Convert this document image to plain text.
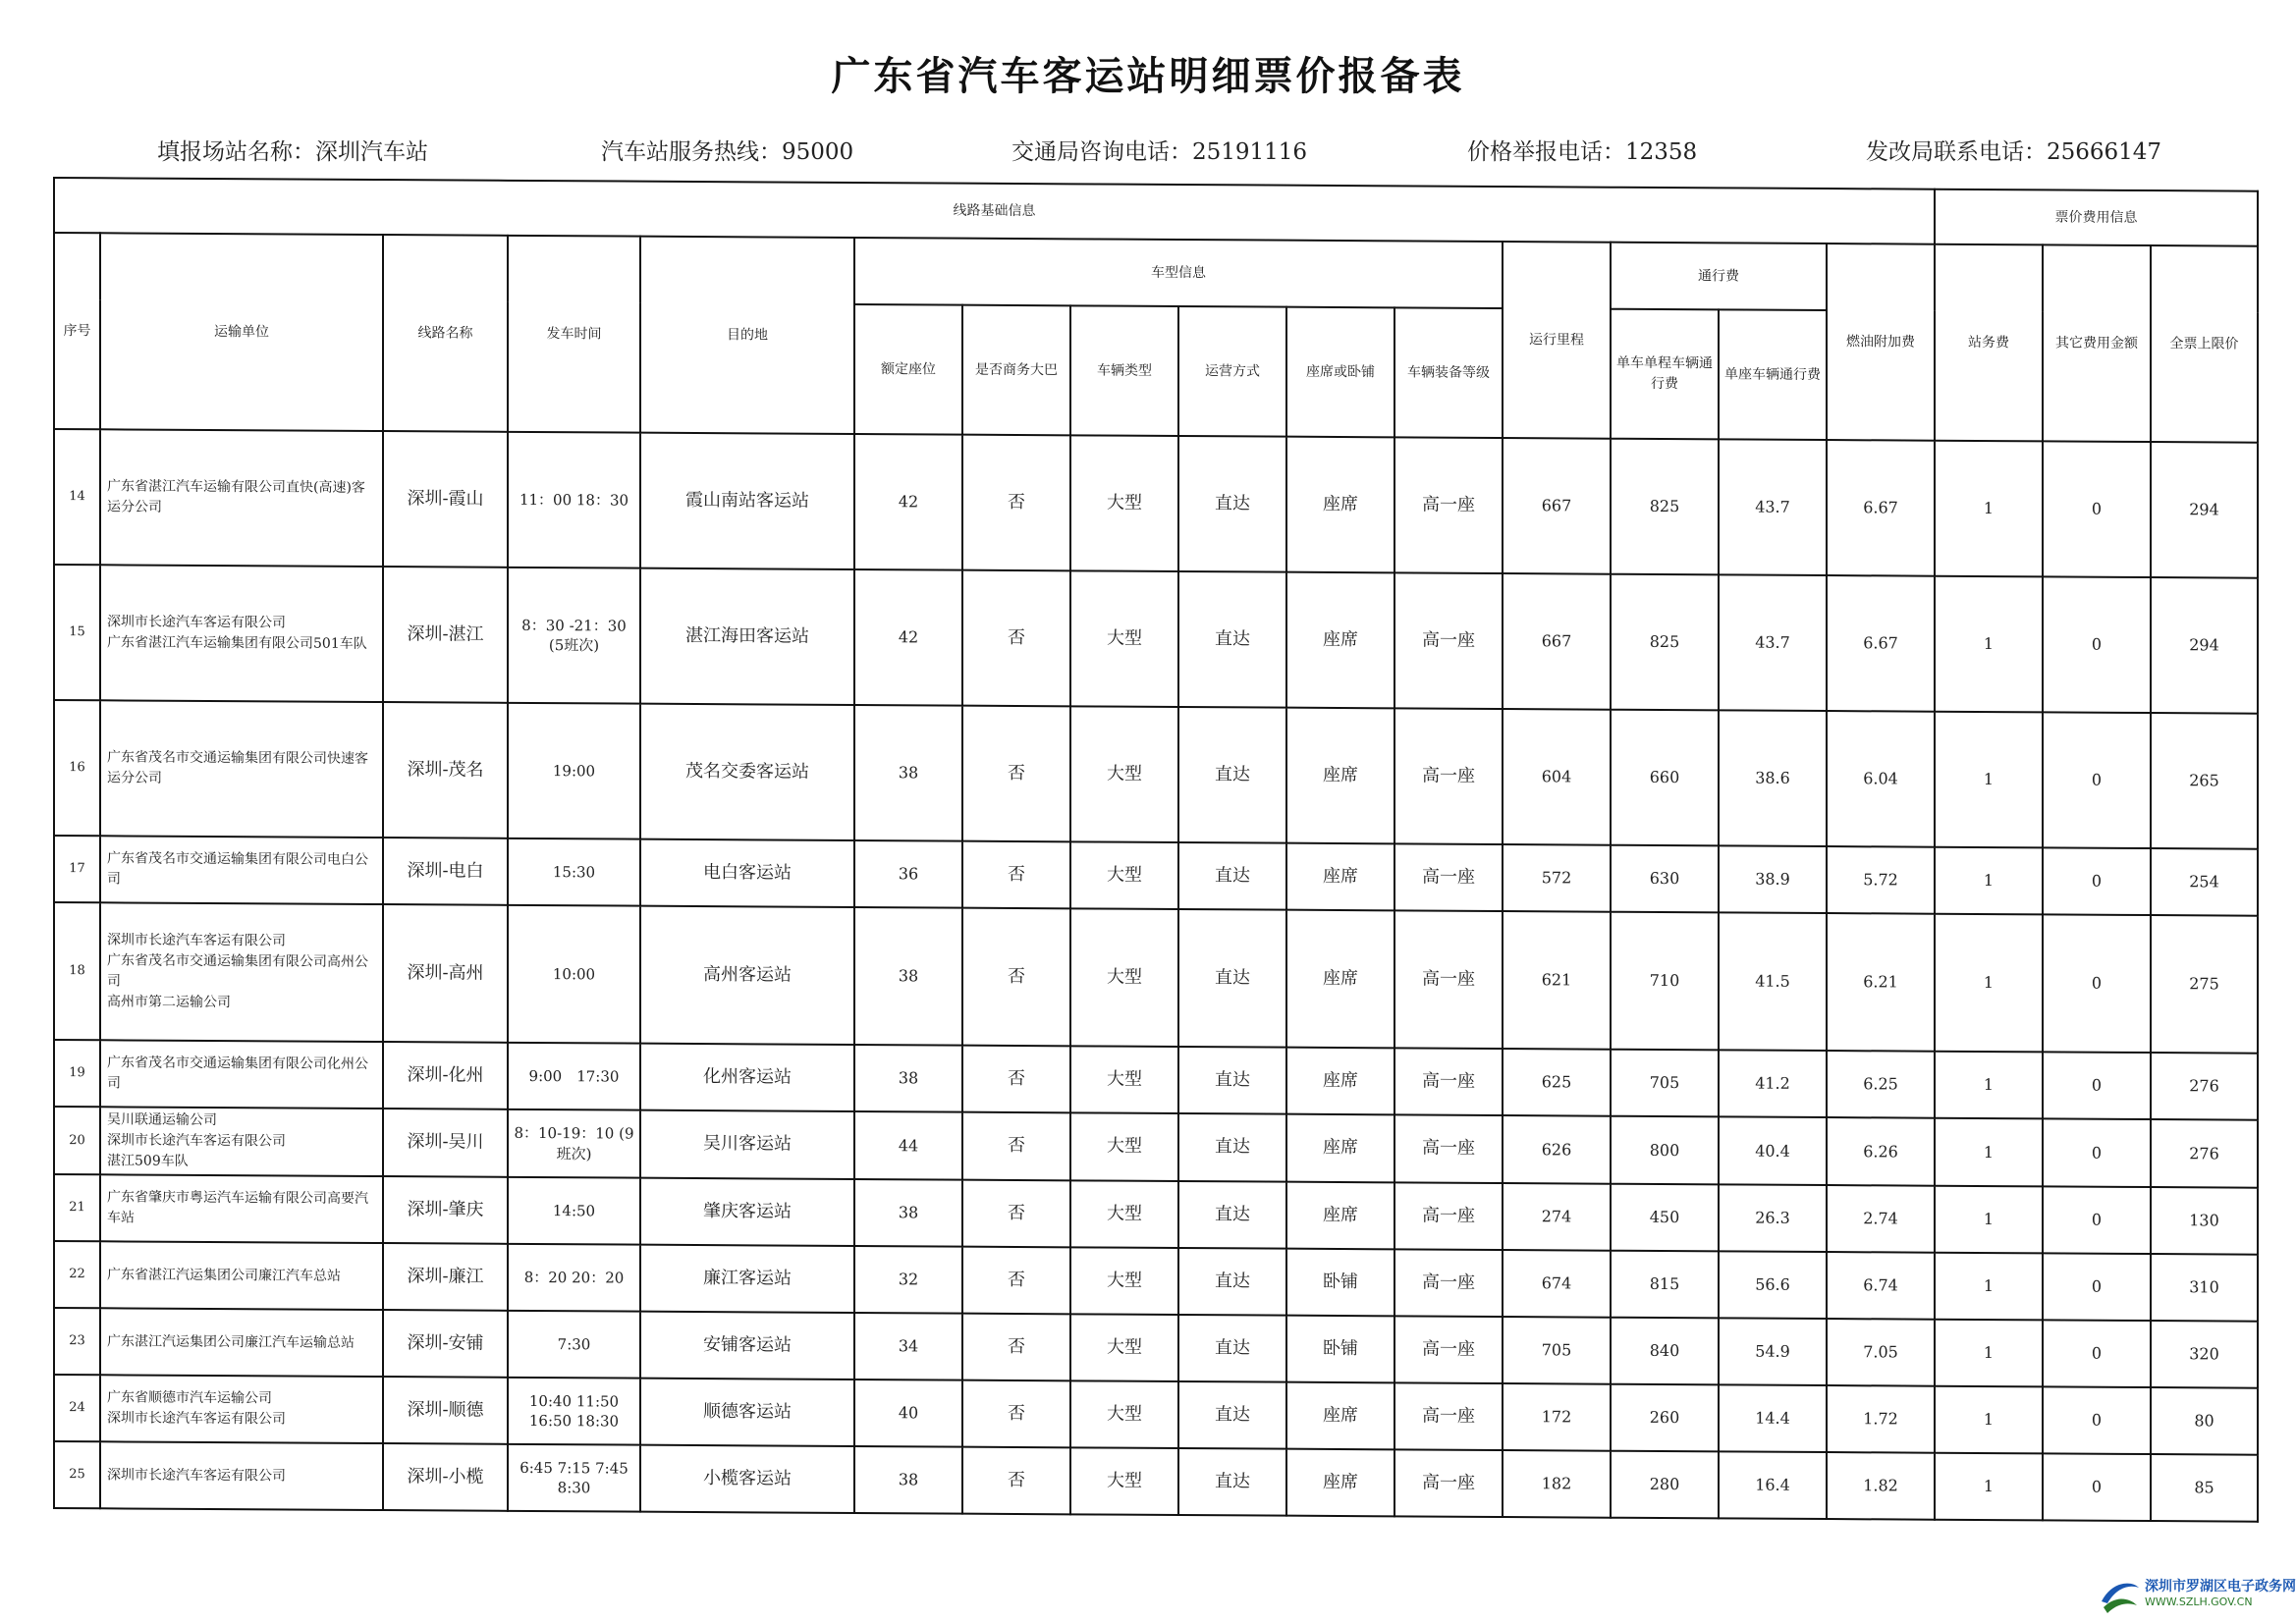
广东省汽车客运站明细票价报备表
填报场站名称：深圳汽车站	汽车站服务热线：95000	交通局咨询电话：25191116	价格举报电话：12358	发改局联系电话：25666147
线路基础信息															票价费用信息		
序号	运输单位	线路名称	发车时间	目的地	车型信息						运行里程	通行费		燃油附加费	站务费	其它费用金额	全票上限价
					额定座位	是否商务大巴	车辆类型	运营方式	座席或卧铺	车辆装备等级		单车单程车辆通行费	单座车辆通行费				
14	广东省湛江汽车运输有限公司直快(高速)客运分公司	深圳-霞山	11：00 18：30	霞山南站客运站	42	否	大型	直达	座席	高一座	667	825	43.7	6.67	1	0	294
15	深圳市长途汽车客运有限公司
广东省湛江汽车运输集团有限公司501车队	深圳-湛江	8：30 -21：30 (5班次)	湛江海田客运站	42	否	大型	直达	座席	高一座	667	825	43.7	6.67	1	0	294
16	广东省茂名市交通运输集团有限公司快速客运分公司	深圳-茂名	19:00	茂名交委客运站	38	否	大型	直达	座席	高一座	604	660	38.6	6.04	1	0	265
17	广东省茂名市交通运输集团有限公司电白公司	深圳-电白	15:30	电白客运站	36	否	大型	直达	座席	高一座	572	630	38.9	5.72	1	0	254
18	深圳市长途汽车客运有限公司
广东省茂名市交通运输集团有限公司高州公司
高州市第二运输公司	深圳-高州	10:00	高州客运站	38	否	大型	直达	座席	高一座	621	710	41.5	6.21	1	0	275
19	广东省茂名市交通运输集团有限公司化州公司	深圳-化州	9:00　17:30	化州客运站	38	否	大型	直达	座席	高一座	625	705	41.2	6.25	1	0	276
20	吴川联通运输公司
深圳市长途汽车客运有限公司
湛江509车队	深圳-吴川	8：10-19：10 (9班次)	吴川客运站	44	否	大型	直达	座席	高一座	626	800	40.4	6.26	1	0	276
21	广东省肇庆市粤运汽车运输有限公司高要汽车站	深圳-肇庆	14:50	肇庆客运站	38	否	大型	直达	座席	高一座	274	450	26.3	2.74	1	0	130
22	广东省湛江汽运集团公司廉江汽车总站	深圳-廉江	8：20 20：20	廉江客运站	32	否	大型	直达	卧铺	高一座	674	815	56.6	6.74	1	0	310
23	广东湛江汽运集团公司廉江汽车运输总站	深圳-安铺	7:30	安铺客运站	34	否	大型	直达	卧铺	高一座	705	840	54.9	7.05	1	0	320
24	广东省顺德市汽车运输公司
深圳市长途汽车客运有限公司	深圳-顺德	10:40 11:50 16:50 18:30	顺德客运站	40	否	大型	直达	座席	高一座	172	260	14.4	1.72	1	0	80
25	深圳市长途汽车客运有限公司	深圳-小榄	6:45 7:15 7:45 8:30	小榄客运站	38	否	大型	直达	座席	高一座	182	280	16.4	1.82	1	0	85
深圳市罗湖区电子政务网
WWW.SZLH.GOV.CN
